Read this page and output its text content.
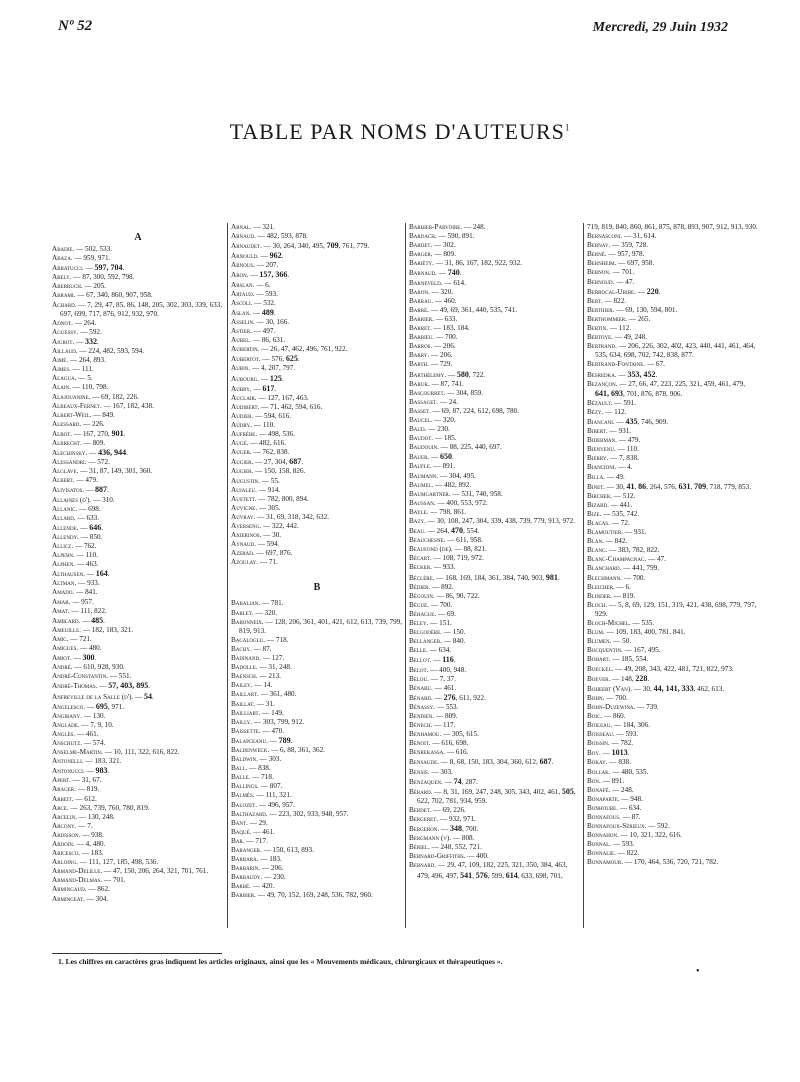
Nº 52	Mercredi, 29 Juin 1932
TABLE PAR NOMS D'AUTEURS$^1$
A
Abadie. — 502, 533.
Abaza. — 959, 971.
Abbatucci. — 597, 704.
Abely. — 87, 300, 592, 798.
Aberbuch. — 205.
Abrami. — 67, 340, 860, 907, 958.
Achard. — 7, 29, 47, 85, 86, 148, 205, 302, 303, 339, 633, 697, 699, 717, 876, 912, 932, 970.
Adnot. — 264.
Aguessy. — 592.
Aigrot. — 332.
Aillaud. — 224, 482, 593, 594.
Aimé. — 264, 893.
Aimes. — 111.
Alagua. — 5.
Alain. — 110, 798.
Alajouanine. — 69, 182, 226.
Albeaux-Fernet. — 167, 182, 438.
Albert-Weil. — 849.
Alessard. — 226.
Albot. — 167, 270, 901.
Albrecht. — 809.
Alechinsky. — 436, 944.
Alessandri. — 572.
Alglave. — 31, 87, 149, 301, 360.
Albert. — 479.
Alivisatos. — 887.
Allaines (d'). — 310.
Allanic. — 698.
Allard. — 633.
Allende. — 646.
Allendy. — 850.
Allicz. — 762.
Alpern. — 110.
Alphen. — 463.
Althausen. — 164.
Altman. — 933.
Amado. — 841.
Amar. — 957.
Amat. — 111, 822.
Amblard. — 485.
Ameuille. — 182, 183, 321.
Amic. — 721.
Amigues. — 480.
Amiot. — 300.
André. — 610, 928, 930.
André-Constantin. — 551.
André-Thomas. — 57, 403, 895.
Anfreville de la Salle (d'). — 54.
Angelesco. — 695, 971.
Angibany. — 130.
Anglade. — 7, 9, 10.
Anglès. — 461.
Anschutz. — 574.
Anselme-Martin. — 10, 111, 322, 616, 822.
Antonelli. — 183, 321.
Antonucci. — 983.
Apert. — 31, 67.
Arager. — 819.
Arbeit. — 612.
Arce. — 263, 739, 760, 780, 819.
Arcelin. — 130, 248.
Arcony. — 7.
Ardisson. — 938.
Ardoin. — 4, 480.
Aricesco. — 183.
Arloing. — 111, 127, 185, 498, 536.
Armand-Delille. — 47, 150, 206, 264, 321, 701, 761.
Armand-Delmas. — 701.
Armingaud. — 862.
Armingeat. — 304.
Arnal. — 321.
Arnaud. — 482, 593, 878.
Arnaudet. — 30, 264, 340, 495, 709, 761, 779.
Arnould. — 962.
Arnous. — 207.
Aron. — 157, 366.
Arslan. — 6.
Artaud. — 593.
Ascoli. — 532.
Aslan. — 489.
Asselin. — 30, 166.
Astier. — 497.
Aubel. — 86, 631.
Aubertin. — 26, 47, 462, 496, 761, 922.
Aubertot. — 576, 625.
Aubin. — 4, 207, 797.
Aubourg. — 125.
Aubry. — 617.
Auclair. — 127, 167, 463.
Audibert. — 71, 462, 594, 616.
Audier. — 594, 616.
Audry. — 110.
Aufrère. — 498, 536.
Augé. — 482, 616.
Auger. — 762, 838.
Augier. — 27, 304, 687.
Augier. — 150, 158, 826.
Augustin. — 55.
Aujaleu. — 914.
Austett. — 782, 800, 894.
Auvigne. — 305.
Auvray. — 31, 69, 318, 342, 632.
Averseng. — 322, 442.
Axierinos. — 30.
Aynaud. — 594.
Azerad. — 697, 876.
Azoulay. — 71.
B
Babalian. — 781.
Bablet. — 320.
Babonneix. — 128, 206, 361, 401, 421, 612, 613, 739, 799, 819, 913.
Bacaloglu. — 718.
Bachy. — 87.
Badinand. — 127.
Badolle. — 31, 248.
Baensch. — 213.
Bailey. — 14.
Baillart. — 361, 480.
Baillat. — 31.
Bailliart. — 149.
Bailly. — 303, 799, 912.
Baissette. — 470.
Balapceanu. — 789.
Baldenweck. — 6, 88, 361, 362.
Baldwin. — 303.
Ball. — 838.
Balle. — 718.
Ballings. — 807.
Balmès. — 111, 321.
Balozet. — 496, 957.
Balthazard. — 223, 302, 933, 948, 957.
Bant. — 29.
Baqué. — 461.
Bar. — 717.
Baranger. — 150, 613, 893.
Barbara. — 183.
Barbarin. — 206.
Barbaudy. — 230.
Barbé. — 420.
Barbier. — 49, 70, 152, 169, 248, 536, 782, 960.
Barbier-Parvoire. — 248.
Bardach. — 590, 891.
Bardet. — 302.
Barger. — 809.
Bariéty. — 31, 86, 167, 182, 922, 932.
Barnaud. — 740.
Barneveld. — 614.
Baron. — 320.
Barrau. — 460.
Barré. — 49, 69, 361, 440, 535, 741.
Barrier. — 633.
Barret. — 183, 184.
Barrieu. — 700.
Barros. — 206.
Barry. — 206.
Barth. — 729.
Barthélemy. — 580, 722.
Baruk. — 87, 741.
Bascourret. — 304, 859.
Bassaget. — 24.
Basset. — 69, 87, 224, 612, 698, 780.
Baucel. — 320.
Baud. — 230.
Baudot. — 185.
Baudouin. — 88, 225, 440, 697.
Bauer. — 650.
Baufle. — 891.
Baumann. — 304, 495.
Baumel. — 482, 892.
Baumgartner. — 531, 740, 958.
Baussan. — 400, 553, 972.
Bayle. — 798, 861.
Bazy. — 30, 108, 247, 304, 339, 438, 739, 779, 913, 972.
Beau. — 264, 470, 554.
Beauchesne. — 611, 958.
Beaufond (de). — 88, 821.
Bécart. — 108, 719, 972.
Becker. — 933.
Béclère. — 168, 169, 184, 361, 384, 740, 903, 981.
Bédier. — 892.
Bégouin. — 86, 90, 722.
Bégué. — 700.
Béhague. — 69.
Beley. — 151.
Belgodère. — 150.
Bellanger. — 840.
Belle. — 634.
Bellot. — 116.
Belot. — 400, 948.
Belou. — 7, 37.
Bénaru. — 461.
Bénard. — 276, 611, 922.
Bénassy. — 553.
Bendien. — 809.
Bénech. — 117.
Benhamou. — 305, 615.
Benoit. — 616, 698.
Benrekassa. — 616.
Bensaude. — 8, 68, 150, 183, 304, 360, 612, 687.
Bensis. — 303.
Benzaquen. — 74, 287.
Bérard. — 8, 31, 169, 247, 248, 305, 343, 402, 461, 505, 622, 702, 781, 934, 959.
Berdet. — 69, 226.
Bergeret. — 932, 971.
Bergeron. — 348, 700.
Bergmann (v). — 808.
Bériel. — 248, 552, 721.
Bernard-Griffiths. — 400.
Bernard. — 29, 47, 109, 182, 225, 321, 350, 384, 463, 479, 496, 497, 541, 576, 599, 614, 633, 698, 701,
719, 819, 840, 860, 861, 875, 878, 893, 907, 912, 913, 930.
Bernasconi. — 31, 614.
Bernay. — 359, 728.
Berné. — 957, 978.
Bernheim. — 697, 958.
Bernon. — 701.
Bernoud. — 47.
Berrocal-Uribe. — 220.
Bert. — 822.
Berthier. — 69, 130, 594, 801.
Berthommier. — 265.
Bertin. — 112.
Bertoye. — 49, 248.
Bertrand. — 206, 226, 302, 402, 423, 440, 441, 461, 464, 535, 634, 698, 702, 742, 838, 877.
Bertrand-Fontaine. — 67.
Besredka. — 353, 452.
Bezançon. — 27, 66, 47, 223, 225, 321, 459, 461, 479, 641, 693, 701, 876, 878, 906.
Bézault. — 591.
Bézy. — 112.
Biancani. — 435, 746, 909.
Bibert. — 931.
Biderman. — 479.
Bienvenu. — 110.
Bierry. — 7, 838.
Biancioni. — 4.
Billa. — 49.
Binet. — 30, 41, 86, 264, 576, 631, 709, 718, 779, 853.
Bircher. — 512.
Bizard. — 441.
Bize. — 535, 742.
Blacas. — 72.
Blamoutier. — 931.
Blan. — 842.
Blanc. — 383, 782, 822.
Blanc-Champagnac. — 47.
Blanchard. — 441, 799.
Blechmann. — 700.
Bleicher. — 6.
Blinder. — 819.
Bloch. — 5, 8, 69, 129, 151, 319, 421, 438, 698, 779, 797, 929.
Bloch-Michel. — 535.
Blum. — 109, 183, 400, 781, 841.
Blumen. — 50.
Bocquentin. — 167, 495.
Bohart. — 185, 554.
Boeckel. — 49, 208, 343, 422, 481, 721, 822, 973.
Boever. — 148, 228.
Boheert (Van). — 30, 44, 141, 333, 462, 613.
Bohn. — 700.
Bohn-Duzewina. — 739.
Boic. — 860.
Boileau. — 184, 306.
Boisseau. — 593.
Boissin. — 782.
Boy. — 1013.
Bokay. — 838.
Bollak. — 480, 535.
Bon. — 891.
Bonafé. — 248.
Bonaparte. — 948.
Bonhoure. — 634.
Bonnafous. — 87.
Bonnafoux-Sérieux. — 592.
Bonnahon. — 10, 321, 322, 616.
Bonnal. — 593.
Bonnalie. — 822.
Bonnamour. — 170, 464, 536, 720, 721, 782.
1. Les chiffres en caractères gras indiquent les articles originaux, ainsi que les « Mouvements médicaux, chirurgicaux et thérapeutiques ».
•
